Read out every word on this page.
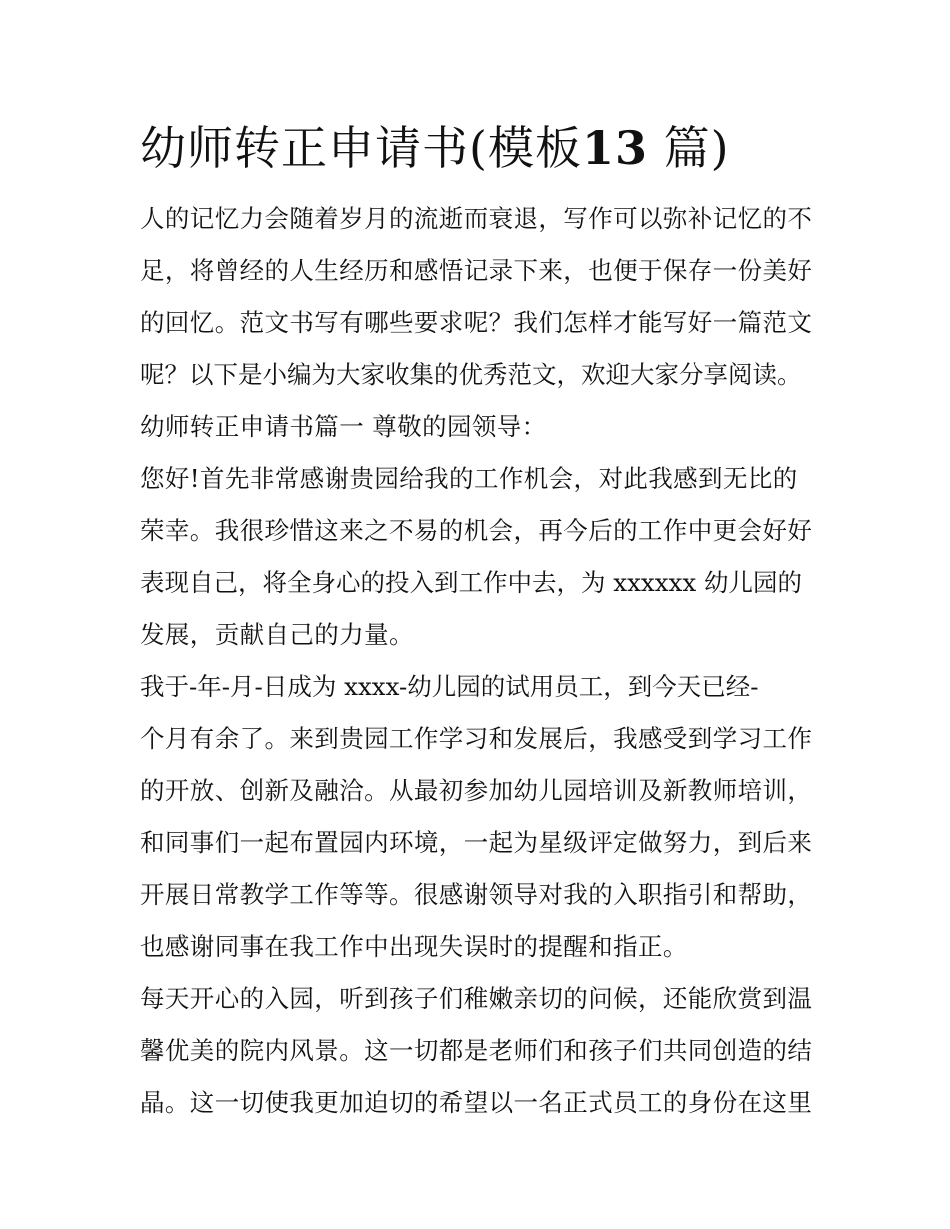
幼师转正申请书(模板13 篇)
人的记忆力会随着岁月的流逝而衰退，写作可以弥补记忆的不
足，将曾经的人生经历和感悟记录下来，也便于保存一份美好
的回忆。范文书写有哪些要求呢？我们怎样才能写好一篇范文
呢？以下是小编为大家收集的优秀范文，欢迎大家分享阅读。
幼师转正申请书篇一 尊敬的园领导：
您好!首先非常感谢贵园给我的工作机会，对此我感到无比的
荣幸。我很珍惜这来之不易的机会，再今后的工作中更会好好
表现自己，将全身心的投入到工作中去，为 xxxxxx 幼儿园的
发展，贡献自己的力量。
我于-年-月-日成为 xxxx-幼儿园的试用员工，到今天已经-
个月有余了。来到贵园工作学习和发展后，我感受到学习工作
的开放、创新及融洽。从最初参加幼儿园培训及新教师培训，
和同事们一起布置园内环境，一起为星级评定做努力，到后来
开展日常教学工作等等。很感谢领导对我的入职指引和帮助，
也感谢同事在我工作中出现失误时的提醒和指正。
每天开心的入园，听到孩子们稚嫩亲切的问候，还能欣赏到温
馨优美的院内风景。这一切都是老师们和孩子们共同创造的结
晶。这一切使我更加迫切的希望以一名正式员工的身份在这里
